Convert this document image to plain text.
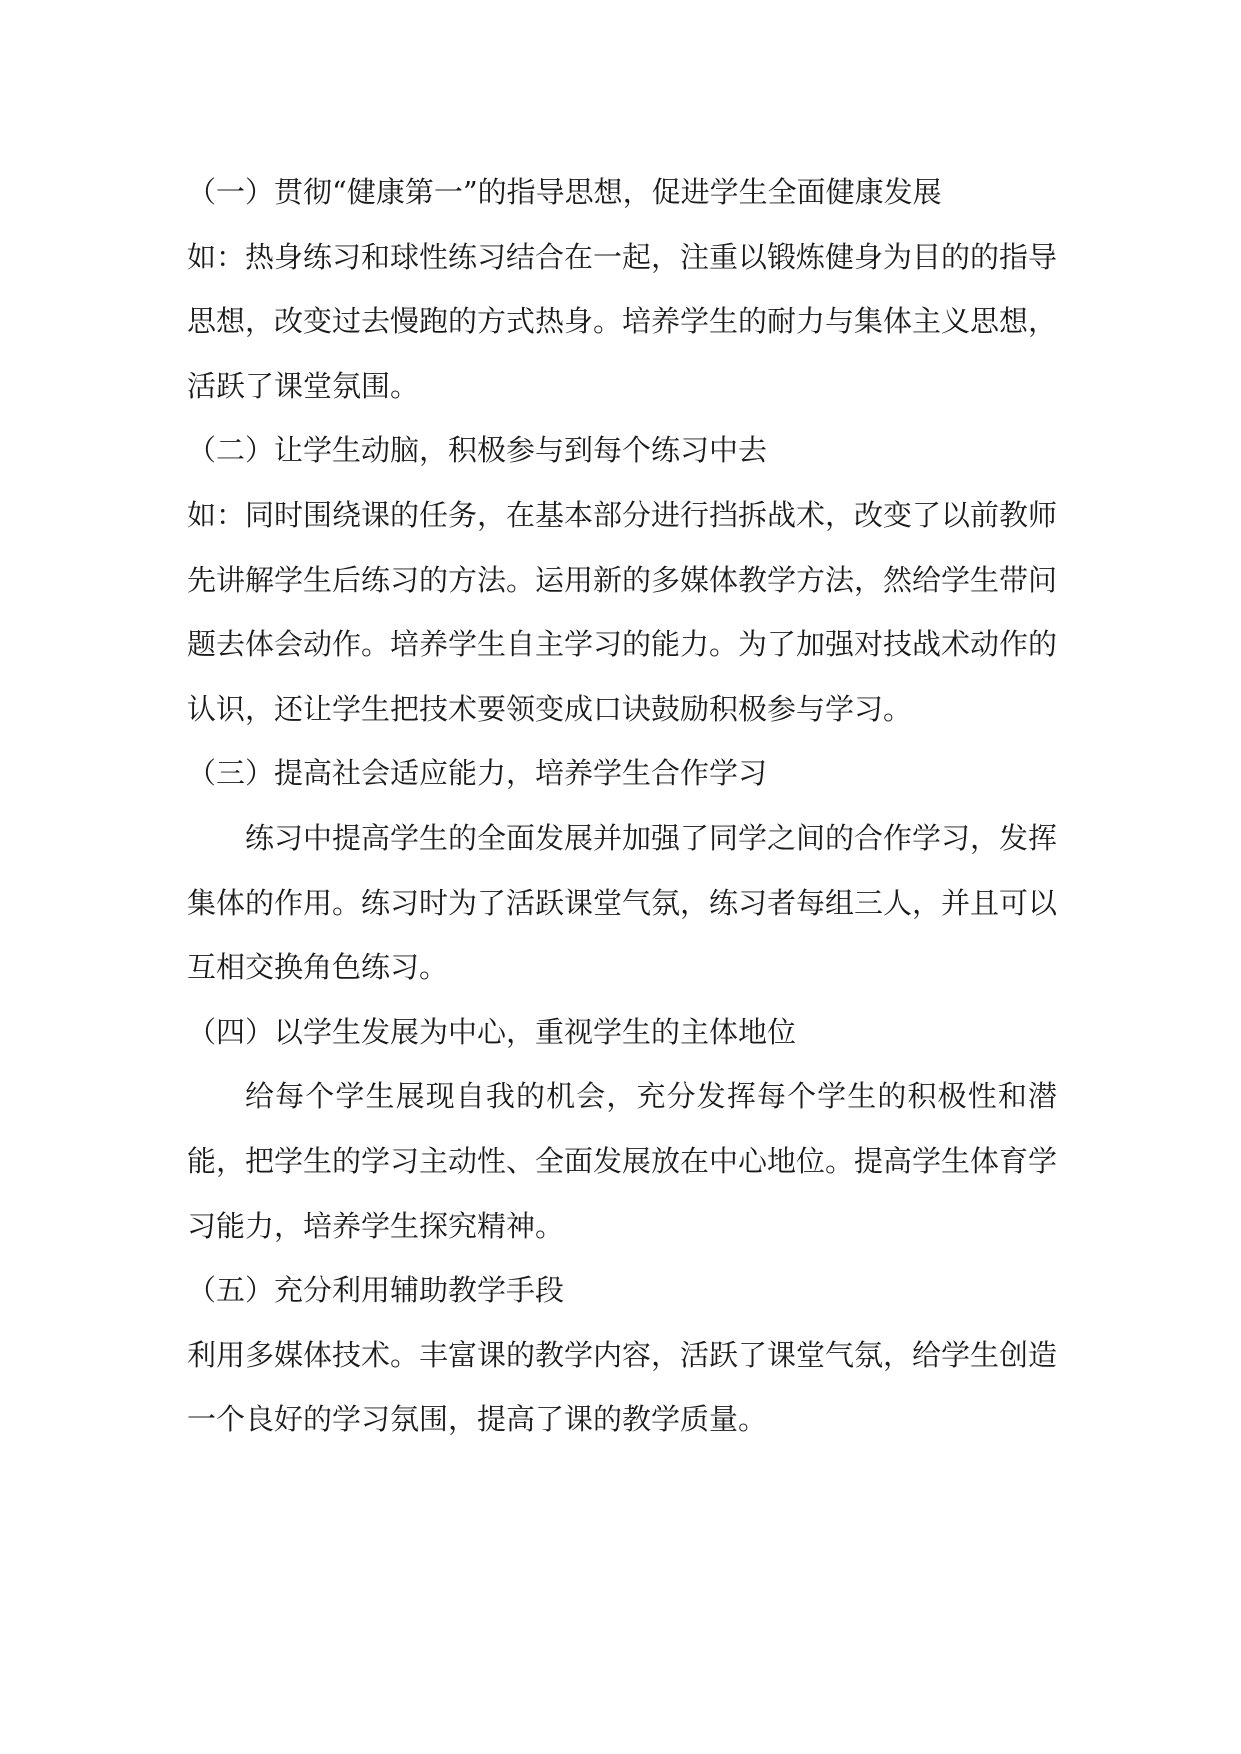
（一）贯彻“健康第一”的指导思想，促进学生全面健康发展

如：热身练习和球性练习结合在一起，注重以锻炼健身为目的的指导思想，改变过去慢跑的方式热身。培养学生的耐力与集体主义思想，活跃了课堂氛围。

（二）让学生动脑，积极参与到每个练习中去

如：同时围绕课的任务，在基本部分进行挡拆战术，改变了以前教师先讲解学生后练习的方法。运用新的多媒体教学方法，然给学生带问题去体会动作。培养学生自主学习的能力。为了加强对技战术动作的认识，还让学生把技术要领变成口诀鼓励积极参与学习。

（三）提高社会适应能力，培养学生合作学习

练习中提高学生的全面发展并加强了同学之间的合作学习，发挥集体的作用。练习时为了活跃课堂气氛，练习者每组三人，并且可以互相交换角色练习。

（四）以学生发展为中心，重视学生的主体地位

给每个学生展现自我的机会，充分发挥每个学生的积极性和潜能，把学生的学习主动性、全面发展放在中心地位。提高学生体育学习能力，培养学生探究精神。

（五）充分利用辅助教学手段

利用多媒体技术。丰富课的教学内容，活跃了课堂气氛，给学生创造一个良好的学习氛围，提高了课的教学质量。
